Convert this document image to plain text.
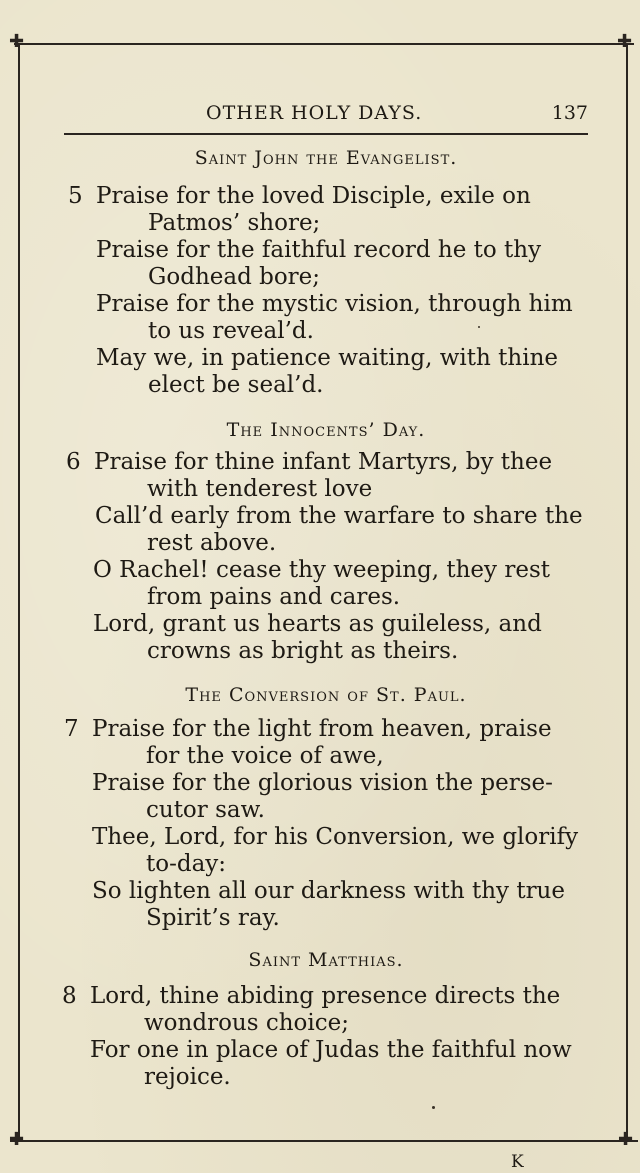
✚	✚
✚	✚
OTHER HOLY DAYS.	137
Saint John the Evangelist.
5 Praise for the loved Disciple, exile on
Patmos’ shore;
Praise for the faithful record he to thy
Godhead bore;
Praise for the mystic vision, through him
to us reveal’d.
May we, in patience waiting, with thine
elect be seal’d.
The Innocents’ Day.
6 Praise for thine infant Martyrs, by thee
with tenderest love
Call’d early from the warfare to share the
rest above.
O Rachel! cease thy weeping, they rest
from pains and cares.
Lord, grant us hearts as guileless, and
crowns as bright as theirs.
The Conversion of St. Paul.
7 Praise for the light from heaven, praise
for the voice of awe,
Praise for the glorious vision the perse-
cutor saw.
Thee, Lord, for his Conversion, we glorify
to-day:
So lighten all our darkness with thy true
Spirit’s ray.
Saint Matthias.
8 Lord, thine abiding presence directs the
wondrous choice;
For one in place of Judas the faithful now
rejoice.
K
